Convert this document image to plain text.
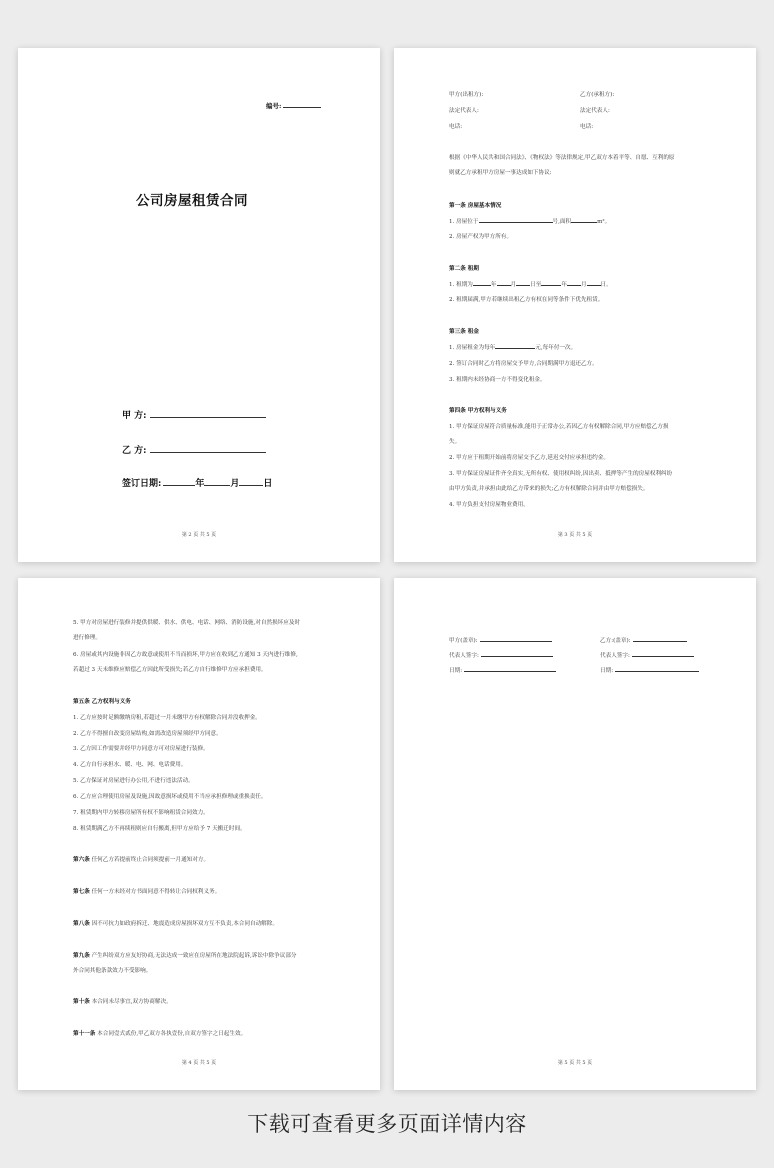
编号:
公司房屋租赁合同
甲 方:
乙 方:
签订日期:	年	月	日
​
第 2 页 共 5 页
甲方(出租方):	乙方(承租方):
法定代表人:	法定代表人:
电话:	电话:
根据《中华人民共和国合同法》、《物权法》等法律规定,甲乙双方本着平等、自愿、互利的原
则就乙方承租甲方房屋一事达成如下协议:
第一条 房屋基本情况
1. 房屋位于	号,面积	m²。
2. 房屋产权为甲方所有。
第二条 租期
1. 租期为	年	月	日至	年	月	日。
2. 租期届满,甲方若继续出租乙方有权在同等条件下优先租赁。
第三条 租金
1. 房屋租金为每年	元,每年付一次。
2. 签订合同时乙方将房屋交予甲方,合同期满甲方退还乙方。
3. 租期内未经协商一方不得变化租金。
第四条 甲方权利与义务
1. 甲方保证房屋符合质量标准,能用于正常办公,若因乙方有权解除合同,甲方应赔偿乙方损
失。
2. 甲方应于租期开始前将房屋交予乙方,延迟交付应承担违约金。
3. 甲方保证房屋证件齐全真实,无所有权、使用权纠纷,因出卖、抵押等产生的房屋权利纠纷
由甲方负责,并承担由此给乙方带来的损失;乙方有权解除合同并由甲方赔偿损失。
4. 甲方负担支付房屋物业费用。
第 3 页 共 5 页
5. 甲方对房屋进行装修并提供供暖、供水、供电、电话、网络、消防设施,对自然损坏应及时
进行修理。
6. 房屋或其内设施非因乙方故意或使用不当而损坏,甲方应在收到乙方通知 3 天内进行维修,
若超过 3 天未维修应赔偿乙方因此所受损失;若乙方自行维修甲方应承担费用。
第五条 乙方权利与义务
1. 乙方应按时足额缴纳房租,若超过一月未缴甲方有权解除合同并没收押金。
2. 乙方不得擅自改变房屋结构,如需改造房屋须经甲方同意。
3. 乙方因工作需要并经甲方同意方可对房屋进行装修。
4. 乙方自行承担水、暖、电、网、电话费用。
5. 乙方保证对房屋进行办公用,不进行违法活动。
6. 乙方应合理使用房屋及设施,因故意损坏或使用不当应承担修理或重换责任。
7. 租赁期内甲方转移房屋所有权不影响租赁合同效力。
8. 租赁期满乙方不再续租则应自行搬离,但甲方应给予 7 天搬迁时间。
第六条 任何乙方若提前终止合同须提前一月通知对方。
第七条 任何一方未经对方书面同意不得转让合同权利义务。
第八条 因不可抗力如政府拆迁、地震造成房屋损坏双方互不负责,本合同自动解除。
第九条 产生纠纷双方应友好协商,无法达成一致应在房屋所在地法院起诉,诉讼中除争议部分
外合同其他条款效力不受影响。
第十条 本合同未尽事宜,双方协商解决。
第十一条 本合同壹式贰份,甲乙双方各执壹份,自双方签字之日起生效。
第 4 页 共 5 页
甲方(盖章):	乙方:(盖章):
代表人签字:	代表人签字:
日期:	日期:
第 5 页 共 5 页
下载可查看更多页面详情内容
